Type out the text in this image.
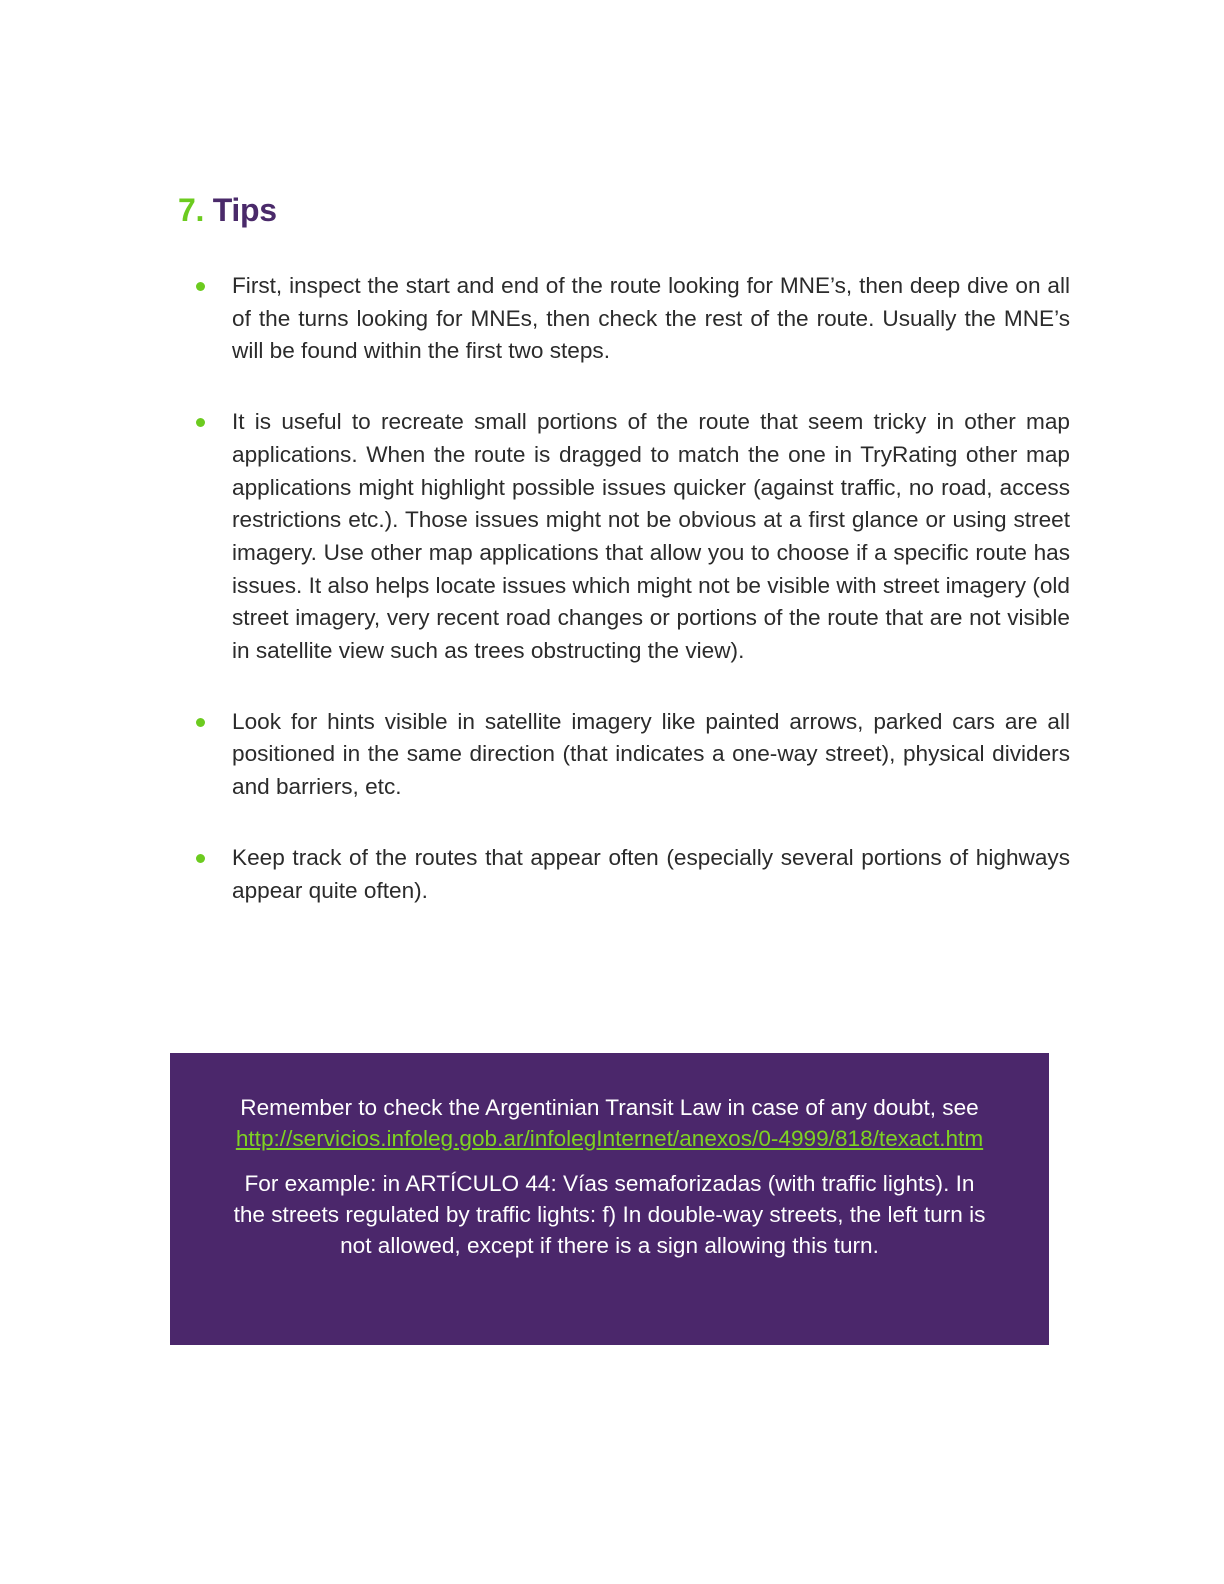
7. Tips
First, inspect the start and end of the route looking for MNE’s, then deep dive on all of the turns looking for MNEs, then check the rest of the route. Usually the MNE’s will be found within the first two steps.
It is useful to recreate small portions of the route that seem tricky in other map applications. When the route is dragged to match the one in TryRating other map applications might highlight possible issues quicker (against traffic, no road, access restrictions etc.). Those issues might not be obvious at a first glance or using street imagery. Use other map applications that allow you to choose if a specific route has issues. It also helps locate issues which might not be visible with street imagery (old street imagery, very recent road changes or portions of the route that are not visible in satellite view such as trees obstructing the view).
Look for hints visible in satellite imagery like painted arrows, parked cars are all positioned in the same direction (that indicates a one-way street), physical dividers and barriers, etc.
Keep track of the routes that appear often (especially several portions of highways appear quite often).

Remember to check the Argentinian Transit Law in case of any doubt, see http://servicios.infoleg.gob.ar/infolegInternet/anexos/0-4999/818/texact.htm

For example: in ARTÍCULO 44: Vías semaforizadas (with traffic lights). In the streets regulated by traffic lights: f) In double-way streets, the left turn is not allowed, except if there is a sign allowing this turn.
